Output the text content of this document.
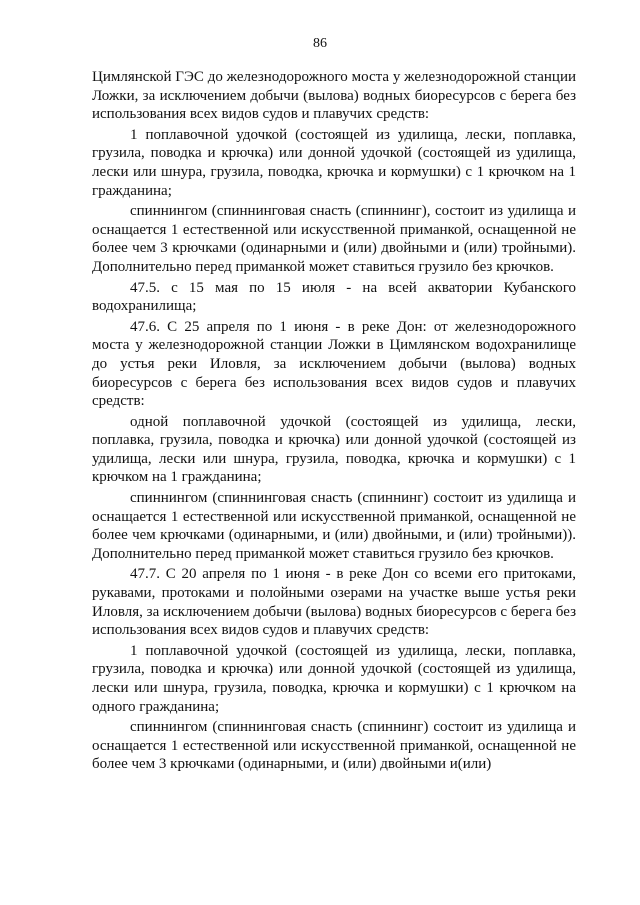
86

Цимлянской ГЭС до железнодорожного моста у железнодорожной станции Ложки, за исключением добычи (вылова) водных биоресурсов с берега без использования всех видов судов и плавучих средств:

1 поплавочной удочкой (состоящей из удилища, лески, поплавка, грузила, поводка и крючка) или донной удочкой (состоящей из удилища, лески или шнура, грузила, поводка, крючка и кормушки) с 1 крючком на 1 гражданина;

спиннингом (спиннинговая снасть (спиннинг), состоит из удилища и оснащается 1 естественной или искусственной приманкой, оснащенной не более чем 3 крючками (одинарными и (или) двойными и (или) тройными). Дополнительно перед приманкой может ставиться грузило без крючков.

47.5. с 15 мая по 15 июля - на всей акватории Кубанского водохранилища;

47.6. С 25 апреля по 1 июня - в реке Дон: от железнодорожного моста у железнодорожной станции Ложки в Цимлянском водохранилище до устья реки Иловля, за исключением добычи (вылова) водных биоресурсов с берега без использования всех видов судов и плавучих средств:

одной поплавочной удочкой (состоящей из удилища, лески, поплавка, грузила, поводка и крючка) или донной удочкой (состоящей из удилища, лески или шнура, грузила, поводка, крючка и кормушки) с 1 крючком на 1 гражданина;

спиннингом (спиннинговая снасть (спиннинг) состоит из удилища и оснащается 1 естественной или искусственной приманкой, оснащенной не более чем крючками (одинарными, и (или) двойными, и (или) тройными)). Дополнительно перед приманкой может ставиться грузило без крючков.

47.7. С 20 апреля по 1 июня - в реке Дон со всеми его притоками, рукавами, протоками и полойными озерами на участке выше устья реки Иловля, за исключением добычи (вылова) водных биоресурсов с берега без использования всех видов судов и плавучих средств:

1 поплавочной удочкой (состоящей из удилища, лески, поплавка, грузила, поводка и крючка) или донной удочкой (состоящей из удилища, лески или шнура, грузила, поводка, крючка и кормушки) с 1 крючком на одного гражданина;

спиннингом (спиннинговая снасть (спиннинг) состоит из удилища и оснащается 1 естественной или искусственной приманкой, оснащенной не более чем 3 крючками (одинарными, и (или) двойными и(или)
